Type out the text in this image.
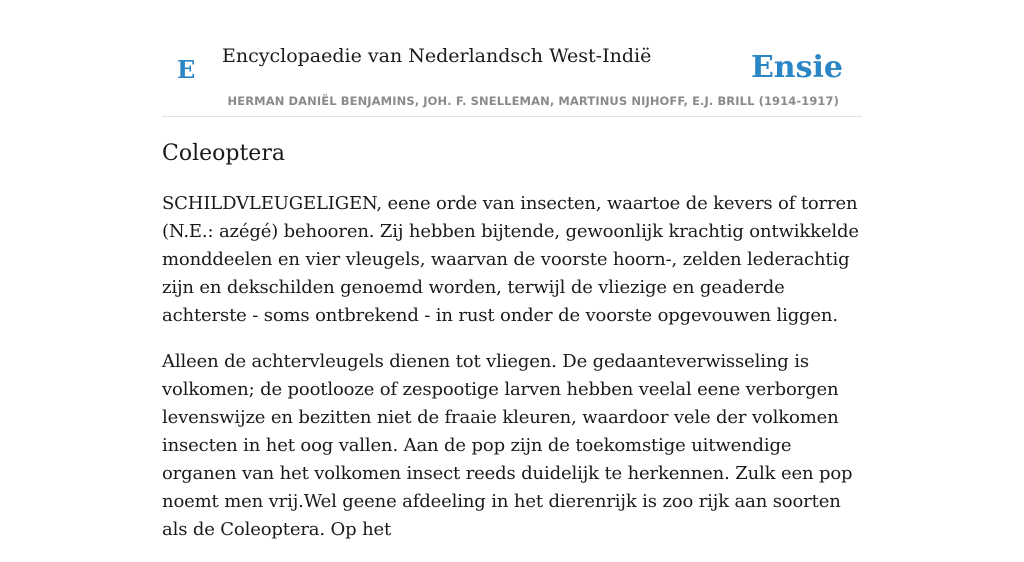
E Encyclopaedie van Nederlandsch West-Indië	Ensie
HERMAN DANIËL BENJAMINS, JOH. F. SNELLEMAN, MARTINUS NIJHOFF, E.J. BRILL (1914-1917)
Coleoptera

SCHILDVLEUGELIGEN, eene orde van insecten, waartoe de kevers of torren (N.E.: azégé) behooren. Zij hebben bijtende, gewoonlijk krachtig ontwikkelde monddeelen en vier vleugels, waarvan de voorste hoorn-, zelden lederachtig zijn en dekschilden genoemd worden, terwijl de vliezige en geaderde achterste - soms ontbrekend - in rust onder de voorste opgevouwen liggen.

Alleen de achtervleugels dienen tot vliegen. De gedaanteverwisseling is volkomen; de pootlooze of zespootige larven hebben veelal eene verborgen levenswijze en bezitten niet de fraaie kleuren, waardoor vele der volkomen insecten in het oog vallen. Aan de pop zijn de toekomstige uitwendige organen van het volkomen insect reeds duidelijk te herkennen. Zulk een pop noemt men vrij.Wel geene afdeeling in het dierenrijk is zoo rijk aan soorten als de Coleoptera. Op het
